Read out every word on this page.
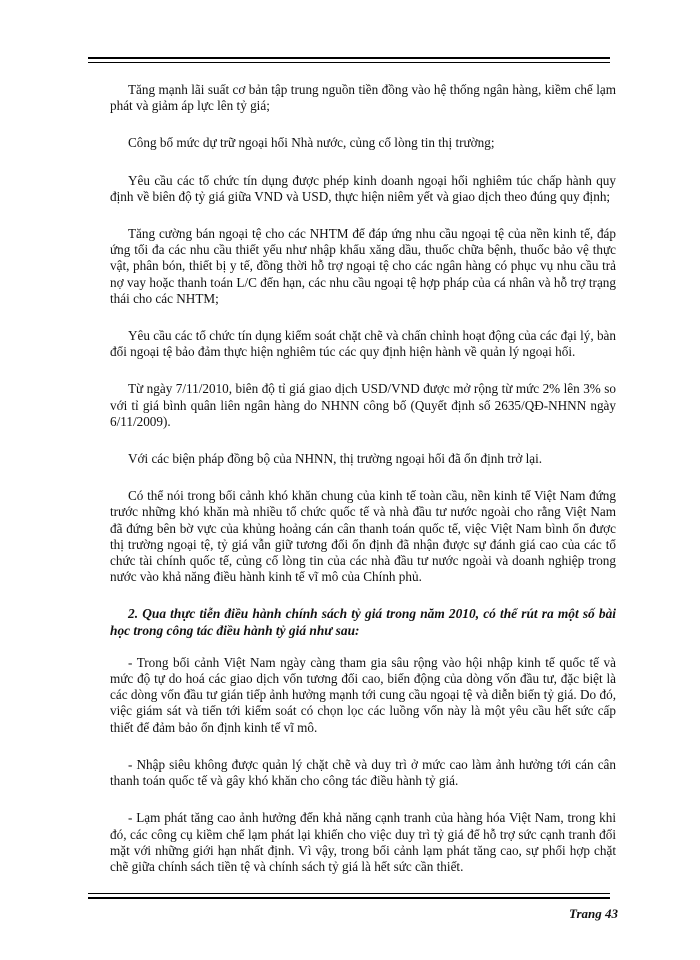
Tăng mạnh lãi suất cơ bản tập trung nguồn tiền đồng vào hệ thống ngân hàng, kiềm chế lạm phát và giảm áp lực lên tỷ giá;

Công bố mức dự trữ ngoại hối Nhà nước, củng cố lòng tin thị trường;

Yêu cầu các tổ chức tín dụng được phép kinh doanh ngoại hối nghiêm túc chấp hành quy định về biên độ tỷ giá giữa VND và USD, thực hiện niêm yết và giao dịch theo đúng quy định;

Tăng cường bán ngoại tệ cho các NHTM để đáp ứng nhu cầu ngoại tệ của nền kinh tế, đáp ứng tối đa các nhu cầu thiết yếu như nhập khẩu xăng dầu, thuốc chữa bệnh, thuốc bảo vệ thực vật, phân bón, thiết bị y tế, đồng thời hỗ trợ ngoại tệ cho các ngân hàng có phục vụ nhu cầu trả nợ vay hoặc thanh toán L/C đến hạn, các nhu cầu ngoại tệ hợp pháp của cá nhân và hỗ trợ trạng thái cho các NHTM;

Yêu cầu các tổ chức tín dụng kiểm soát chặt chẽ và chấn chỉnh hoạt động của các đại lý, bàn đổi ngoại tệ bảo đảm thực hiện nghiêm túc các quy định hiện hành về quản lý ngoại hối.

Từ ngày 7/11/2010, biên độ tỉ giá giao dịch USD/VND được mở rộng từ mức 2% lên 3% so với tỉ giá bình quân liên ngân hàng do NHNN công bố (Quyết định số 2635/QĐ-NHNN ngày 6/11/2009).

Với các biện pháp đồng bộ của NHNN, thị trường ngoại hối đã ổn định trở lại.

Có thể nói trong bối cảnh khó khăn chung của kinh tế toàn cầu, nền kinh tế Việt Nam đứng trước những khó khăn mà nhiều tổ chức quốc tế và nhà đầu tư nước ngoài cho rằng Việt Nam đã đứng bên bờ vực của khủng hoảng cán cân thanh toán quốc tế, việc Việt Nam bình ổn được thị trường ngoại tệ, tỷ giá vẫn giữ tương đối ổn định đã nhận được sự đánh giá cao của các tổ chức tài chính quốc tế, củng cố lòng tin của các nhà đầu tư nước ngoài và doanh nghiệp trong nước vào khả năng điều hành kinh tế vĩ mô của Chính phủ.

2. Qua thực tiễn điều hành chính sách tỷ giá trong năm 2010, có thể rút ra một số bài học trong công tác điều hành tỷ giá như sau:

- Trong bối cảnh Việt Nam ngày càng tham gia sâu rộng vào hội nhập kinh tế quốc tế và mức độ tự do hoá các giao dịch vốn tương đối cao, biến động của dòng vốn đầu tư, đặc biệt là các dòng vốn đầu tư gián tiếp ảnh hưởng mạnh tới cung cầu ngoại tệ và diễn biến tỷ giá. Do đó, việc giám sát và tiến tới kiểm soát có chọn lọc các luồng vốn này là một yêu cầu hết sức cấp thiết để đảm bảo ổn định kinh tế vĩ mô.

- Nhập siêu không được quản lý chặt chẽ và duy trì ở mức cao làm ảnh hưởng tới cán cân thanh toán quốc tế và gây khó khăn cho công tác điều hành tỷ giá.

- Lạm phát tăng cao ảnh hưởng đến khả năng cạnh tranh của hàng hóa Việt Nam, trong khi đó, các công cụ kiềm chế lạm phát lại khiến cho việc duy trì tỷ giá để hỗ trợ sức cạnh tranh đối mặt với những giới hạn nhất định. Vì vậy, trong bối cảnh lạm phát tăng cao, sự phối hợp chặt chẽ giữa chính sách tiền tệ và chính sách tỷ giá là hết sức cần thiết.

Trang 43
